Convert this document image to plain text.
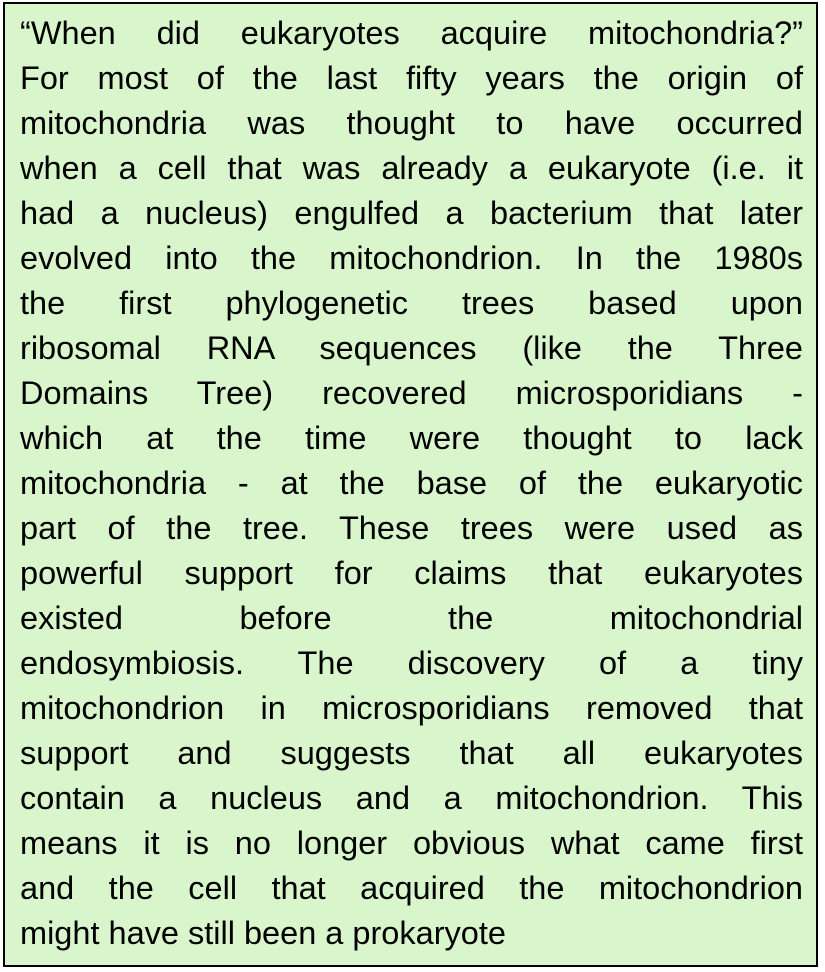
“When did eukaryotes acquire mitochondria?”
For most of the last fifty years the origin of
mitochondria was thought to have occurred
when a cell that was already a eukaryote (i.e. it
had a nucleus) engulfed a bacterium that later
evolved into the mitochondrion. In the 1980s
the first phylogenetic trees based upon
ribosomal RNA sequences (like the Three
Domains Tree) recovered microsporidians -
which at the time were thought to lack
mitochondria - at the base of the eukaryotic
part of the tree. These trees were used as
powerful support for claims that eukaryotes
existed before the mitochondrial
endosymbiosis. The discovery of a tiny
mitochondrion in microsporidians removed that
support and suggests that all eukaryotes
contain a nucleus and a mitochondrion. This
means it is no longer obvious what came first
and the cell that acquired the mitochondrion
might have still been a prokaryote
